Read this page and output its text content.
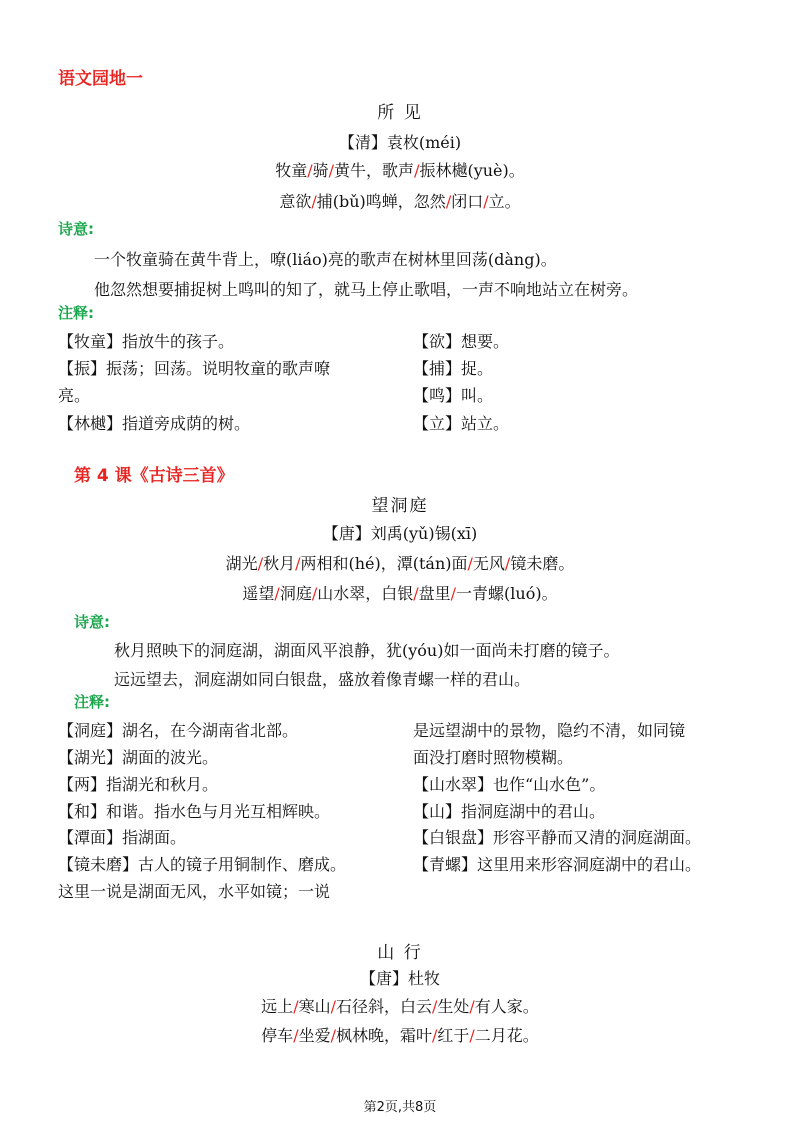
语文园地一
所 见
【清】袁枚(méi)
牧童/骑/黄牛，歌声/振林樾(yuè)。
意欲/捕(bǔ)鸣蝉，忽然/闭口/立。
诗意:
一个牧童骑在黄牛背上，嘹(liáo)亮的歌声在树林里回荡(dàng)。
他忽然想要捕捉树上鸣叫的知了，就马上停止歌唱，一声不响地站立在树旁。
注释:
【牧童】指放牛的孩子。
【振】振荡；回荡。说明牧童的歌声嘹
亮。
【林樾】指道旁成荫的树。
【欲】想要。
【捕】捉。
【鸣】叫。
【立】站立。
第 4 课《古诗三首》
望洞庭
【唐】刘禹(yǔ)锡(xī)
湖光/秋月/两相和(hé)，潭(tán)面/无风/镜未磨。
遥望/洞庭/山水翠，白银/盘里/一青螺(luó)。
诗意:
秋月照映下的洞庭湖，湖面风平浪静，犹(yóu)如一面尚未打磨的镜子。
远远望去，洞庭湖如同白银盘，盛放着像青螺一样的君山。
注释:
【洞庭】湖名，在今湖南省北部。
【湖光】湖面的波光。
【两】指湖光和秋月。
【和】和谐。指水色与月光互相辉映。
【潭面】指湖面。
【镜未磨】古人的镜子用铜制作、磨成。
这里一说是湖面无风，水平如镜；一说
是远望湖中的景物，隐约不清，如同镜
面没打磨时照物模糊。
【山水翠】也作“山水色”。
【山】指洞庭湖中的君山。
【白银盘】形容平静而又清的洞庭湖面。
【青螺】这里用来形容洞庭湖中的君山。
山 行
【唐】杜牧
远上/寒山/石径斜，白云/生处/有人家。
停车/坐爱/枫林晚，霜叶/红于/二月花。
第2页,共8页
